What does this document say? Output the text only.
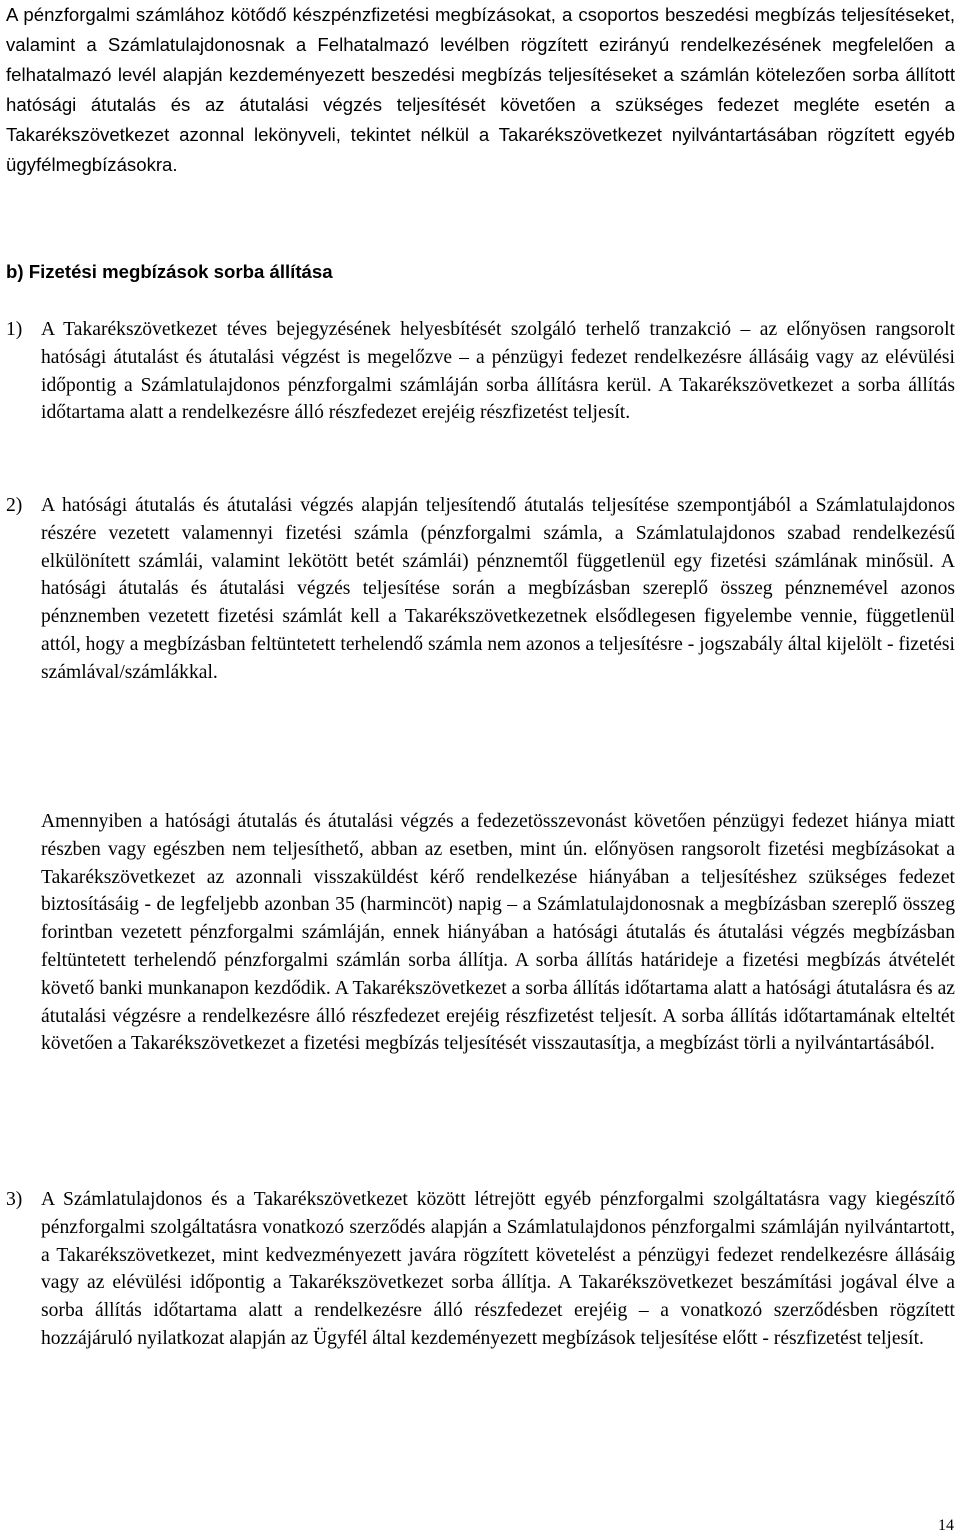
A pénzforgalmi számlához kötődő készpénzfizetési megbízásokat, a csoportos beszedési megbízás teljesítéseket, valamint a Számlatulajdonosnak a Felhatalmazó levélben rögzített ezirányú rendelkezésének megfelelően a felhatalmazó levél alapján kezdeményezett beszedési megbízás teljesítéseket a számlán kötelezően sorba állított hatósági átutalás és az átutalási végzés teljesítését követően a szükséges fedezet megléte esetén a Takarékszövetkezet azonnal lekönyveli, tekintet nélkül a Takarékszövetkezet nyilvántartásában rögzített egyéb ügyfélmegbízásokra.

b) Fizetési megbízások sorba állítása
1) A Takarékszövetkezet téves bejegyzésének helyesbítését szolgáló terhelő tranzakció – az előnyösen rangsorolt hatósági átutalást és átutalási végzést is megelőzve – a pénzügyi fedezet rendelkezésre állásáig vagy az elévülési időpontig a Számlatulajdonos pénzforgalmi számláján sorba állításra kerül. A Takarékszövetkezet a sorba állítás időtartama alatt a rendelkezésre álló részfedezet erejéig részfizetést teljesít.

2) A hatósági átutalás és átutalási végzés alapján teljesítendő átutalás teljesítése szempontjából a Számlatulajdonos részére vezetett valamennyi fizetési számla (pénzforgalmi számla, a Számlatulajdonos szabad rendelkezésű elkülönített számlái, valamint lekötött betét számlái) pénznemtől függetlenül egy fizetési számlának minősül. A hatósági átutalás és átutalási végzés teljesítése során a megbízásban szereplő összeg pénznemével azonos pénznemben vezetett fizetési számlát kell a Takarékszövetkezetnek elsődlegesen figyelembe vennie, függetlenül attól, hogy a megbízásban feltüntetett terhelendő számla nem azonos a teljesítésre - jogszabály által kijelölt - fizetési számlával/számlákkal.

Amennyiben a hatósági átutalás és átutalási végzés a fedezetösszevonást követően pénzügyi fedezet hiánya miatt részben vagy egészben nem teljesíthető, abban az esetben, mint ún. előnyösen rangsorolt fizetési megbízásokat a Takarékszövetkezet az azonnali visszaküldést kérő rendelkezése hiányában a teljesítéshez szükséges fedezet biztosításáig - de legfeljebb azonban 35 (harmincöt) napig – a Számlatulajdonosnak a megbízásban szereplő összeg forintban vezetett pénzforgalmi számláján, ennek hiányában a hatósági átutalás és átutalási végzés megbízásban feltüntetett terhelendő pénzforgalmi számlán sorba állítja. A sorba állítás határideje a fizetési megbízás átvételét követő banki munkanapon kezdődik. A Takarékszövetkezet a sorba állítás időtartama alatt a hatósági átutalásra és az átutalási végzésre a rendelkezésre álló részfedezet erejéig részfizetést teljesít. A sorba állítás időtartamának elteltét követően a Takarékszövetkezet a fizetési megbízás teljesítését visszautasítja, a megbízást törli a nyilvántartásából.

3) A Számlatulajdonos és a Takarékszövetkezet között létrejött egyéb pénzforgalmi szolgáltatásra vagy kiegészítő pénzforgalmi szolgáltatásra vonatkozó szerződés alapján a Számlatulajdonos pénzforgalmi számláján nyilvántartott, a Takarékszövetkezet, mint kedvezményezett javára rögzített követelést a pénzügyi fedezet rendelkezésre állásáig vagy az elévülési időpontig a Takarékszövetkezet sorba állítja. A Takarékszövetkezet beszámítási jogával élve a sorba állítás időtartama alatt a rendelkezésre álló részfedezet erejéig – a vonatkozó szerződésben rögzített hozzájáruló nyilatkozat alapján az Ügyfél által kezdeményezett megbízások teljesítése előtt - részfizetést teljesít.

14
